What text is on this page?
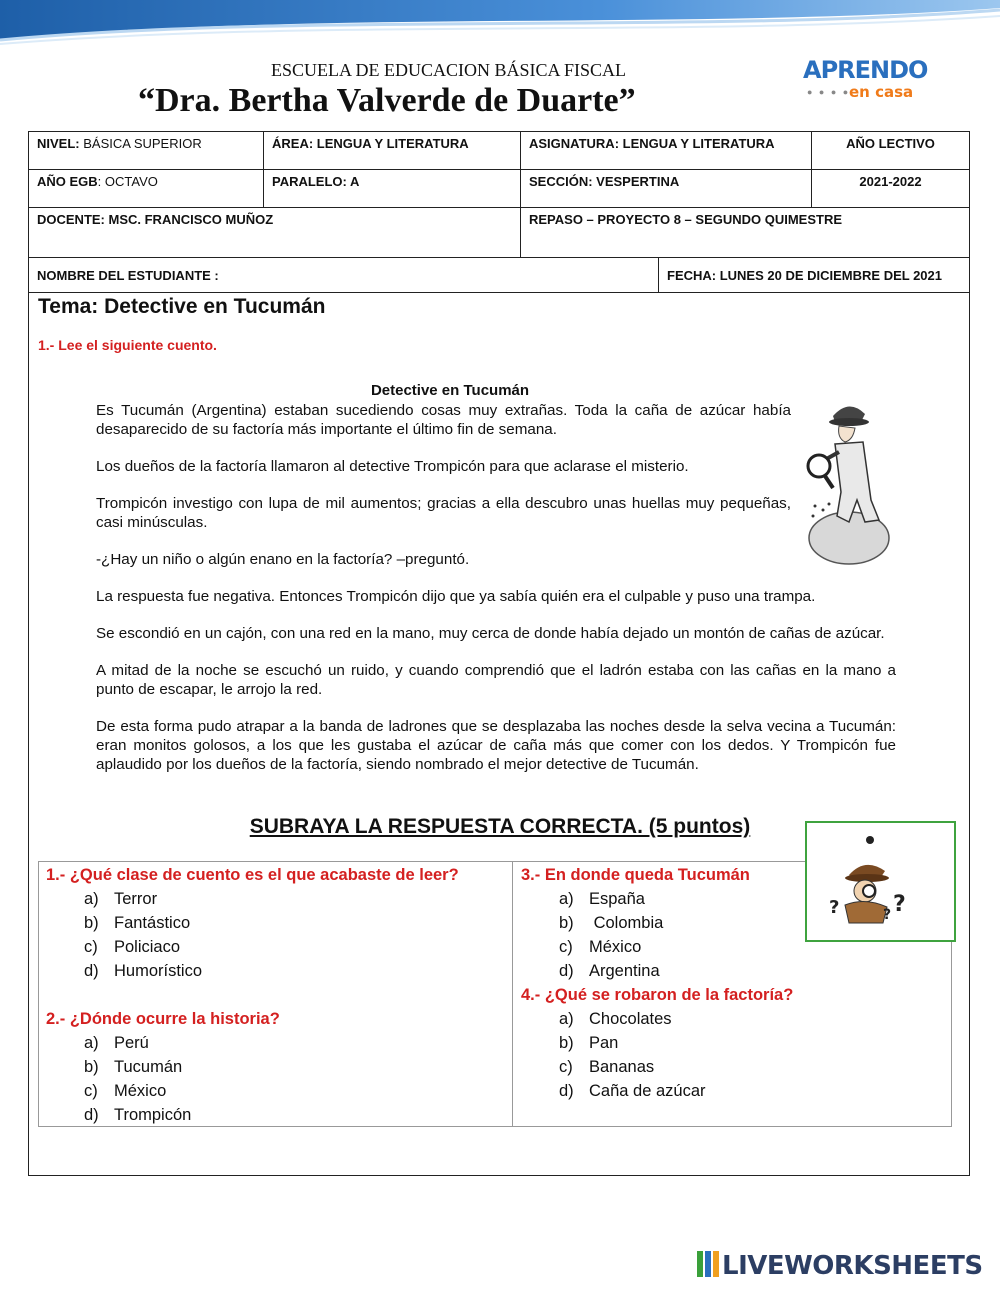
ESCUELA DE EDUCACION BÁSICA FISCAL
“Dra. Bertha Valverde de Duarte”
APRENDO
● ● ● ●
en casa
NIVEL: BÁSICA SUPERIOR	ÁREA: LENGUA Y LITERATURA	ASIGNATURA: LENGUA Y LITERATURA	AÑO LECTIVO
AÑO EGB: OCTAVO	PARALELO: A	SECCIÓN: VESPERTINA	2021-2022
DOCENTE: MSC. FRANCISCO MUÑOZ		REPASO – PROYECTO 8 – SEGUNDO QUIMESTRE	
NOMBRE DEL ESTUDIANTE :	FECHA: LUNES 20 DE DICIEMBRE DEL 2021
Tema: Detective en Tucumán
1.- Lee el siguiente cuento.
Detective en Tucumán

Es Tucumán (Argentina) estaban sucediendo cosas muy extrañas. Toda la caña de azúcar había desaparecido de su factoría más importante el último fin de semana.

Los dueños de la factoría llamaron al detective Trompicón para que aclarase el misterio.

Trompicón investigo con lupa de mil aumentos; gracias a ella descubro unas huellas muy pequeñas, casi minúsculas.

-¿Hay un niño o algún enano en la factoría? –preguntó.

La respuesta fue negativa. Entonces Trompicón dijo que ya sabía quién era el culpable y puso una trampa.

Se escondió en un cajón, con una red en la mano, muy cerca de donde había dejado un montón de cañas de azúcar.

A mitad de la noche se escuchó un ruido, y cuando comprendió que el ladrón estaba con las cañas en la mano a punto de escapar, le arrojo la red.

De esta forma pudo atrapar a la banda de ladrones que se desplazaba las noches desde la selva vecina a Tucumán: eran monitos golosos, a los que les gustaba el azúcar de caña más que comer con los dedos. Y Trompicón fue aplaudido por los dueños de la factoría, siendo nombrado el mejor detective de Tucumán.

SUBRAYA LA RESPUESTA CORRECTA. (5 puntos)
1.- ¿Qué clase de cuento es el que acabaste de leer?
a) Terror
b) Fantástico
c) Policiaco
d) Humorístico
2.- ¿Dónde ocurre la historia?
a) Perú
b) Tucumán
c) México
d) Trompicón
3.- En donde queda Tucumán
a) España
b) Colombia
c) México
d) Argentina
4.- ¿Qué se robaron de la factoría?
a) Chocolates
b) Pan
c) Bananas
d) Caña de azúcar
? ?
?
LIVEWORKSHEETS
